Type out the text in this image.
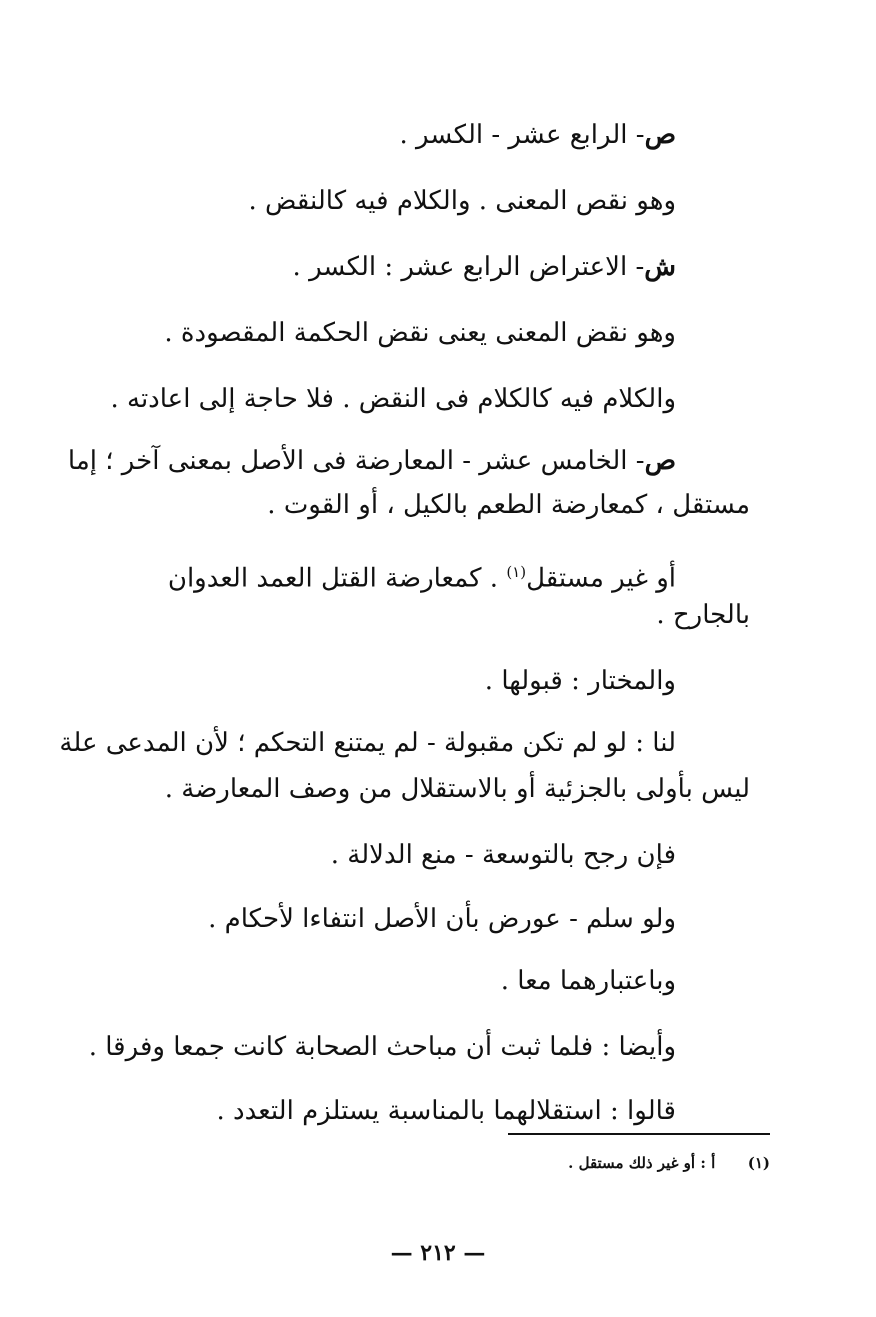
ص- الرابع عشر - الكسر .
وهو نقص المعنى . والكلام فيه كالنقض .
ش- الاعتراض الرابع عشر : الكسر .
وهو نقض المعنى يعنى نقض الحكمة المقصودة .
والكلام فيه كالكلام فى النقض . فلا حاجة إلى اعادته .
ص- الخامس عشر - المعارضة فى الأصل بمعنى آخر ؛ إما
مستقل ، كمعارضة الطعم بالكيل ، أو القوت .
أو غير مستقل$^{(١)}$ . كمعارضة القتل العمد العدوان
بالجارح .
والمختار : قبولها .
لنا : لو لم تكن مقبولة - لم يمتنع التحكم ؛ لأن المدعى علة
ليس بأولى بالجزئية أو بالاستقلال من وصف المعارضة .
فإن رجح بالتوسعة - منع الدلالة .
ولو سلم - عورض بأن الأصل انتفاءا لأحكام .
وباعتبارهما معا .
وأيضا : فلما ثبت أن مباحث الصحابة كانت جمعا وفرقا .
قالوا : استقلالهما بالمناسبة يستلزم التعدد .
(١)  أ : أو غير ذلك مستقل .
— ٢١٢ —
